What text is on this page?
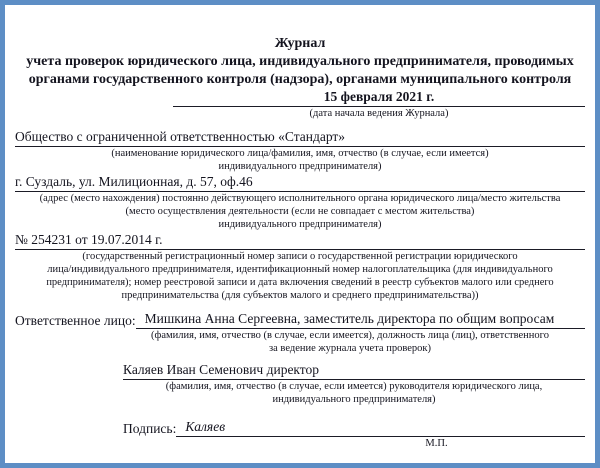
Журнал
учета проверок юридического лица, индивидуального предпринимателя, проводимых
органами государственного контроля (надзора), органами муниципального контроля
15 февраля 2021 г.
(дата начала ведения Журнала)
Общество с ограниченной ответственностью «Стандарт»
(наименование юридического лица/фамилия, имя, отчество (в случае, если имеется)
индивидуального предпринимателя)
г. Суздаль, ул. Милиционная, д. 57, оф.46
(адрес (место нахождения) постоянно действующего исполнительного органа юридического лица/место жительства
(место осуществления деятельности (если не совпадает с местом жительства)
индивидуального предпринимателя)
№ 254231 от 19.07.2014 г.
(государственный регистрационный номер записи о государственной регистрации юридического
лица/индивидуального предпринимателя, идентификационный номер налогоплательщика (для индивидуального
предпринимателя); номер реестровой записи и дата включения сведений в реестр субъектов малого или среднего
предпринимательства (для субъектов малого и среднего предпринимательства))
Ответственное лицо: Мишкина Анна Сергеевна, заместитель директора по общим вопросам
(фамилия, имя, отчество (в случае, если имеется), должность лица (лиц), ответственного
за ведение журнала учета проверок)
Каляев Иван Семенович директор
(фамилия, имя, отчество (в случае, если имеется) руководителя юридического лица,
индивидуального предпринимателя)
Подпись: Каляев
М.П.
